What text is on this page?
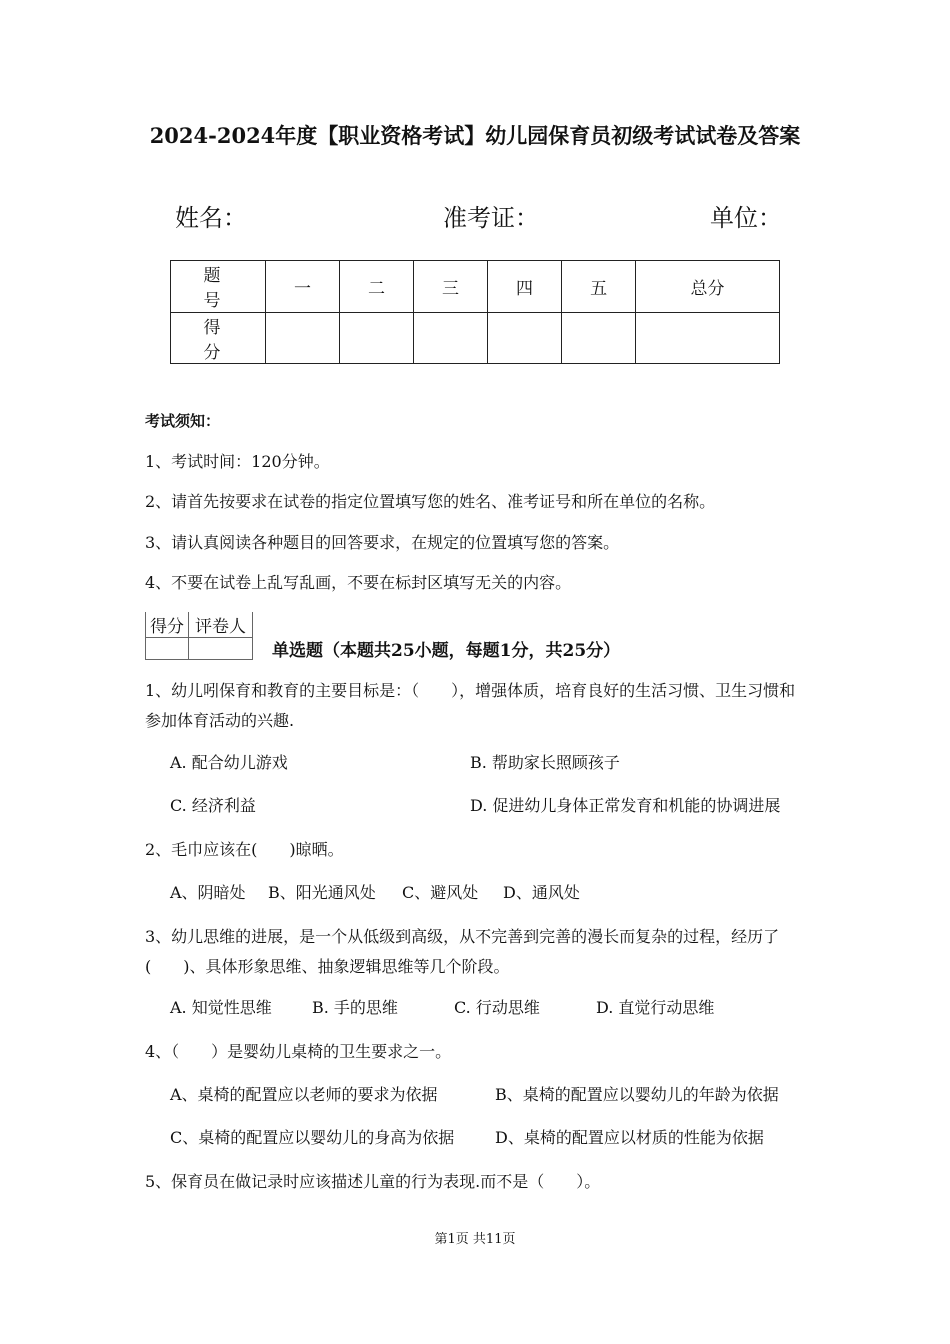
2024-2024年度【职业资格考试】幼儿园保育员初级考试试卷及答案
姓名：	准考证：	单位：
题　号	一	二	三	四	五	总分
得　分						
考试须知：
1、考试时间：120分钟。
2、请首先按要求在试卷的指定位置填写您的姓名、准考证号和所在单位的名称。
3、请认真阅读各种题目的回答要求，在规定的位置填写您的答案。
4、不要在试卷上乱写乱画，不要在标封区填写无关的内容。
得分	评卷人

单选题（本题共25小题，每题1分，共25分）
1、幼儿吲保育和教育的主要目标是：（　　），增强体质，培育良好的生活习惯、卫生习惯和参加体育活动的兴趣.
A. 配合幼儿游戏	B. 帮助家长照顾孩子
C. 经济利益	D. 促进幼儿身体正常发育和机能的协调进展
2、毛巾应该在(　　)晾晒。
A、阴暗处 B、阳光通风处 C、避风处 D、通风处
3、幼儿思维的进展，是一个从低级到高级，从不完善到完善的漫长而复杂的过程，经历了(　　)、具体形象思维、抽象逻辑思维等几个阶段。
A. 知觉性思维	B. 手的思维	C. 行动思维	D. 直觉行动思维
4、（　　）是婴幼儿桌椅的卫生要求之一。
A、桌椅的配置应以老师的要求为依据	B、桌椅的配置应以婴幼儿的年龄为依据
C、桌椅的配置应以婴幼儿的身高为依据	D、桌椅的配置应以材质的性能为依据
5、保育员在做记录时应该描述儿童的行为表现.而不是（　　）。
第1页 共11页
